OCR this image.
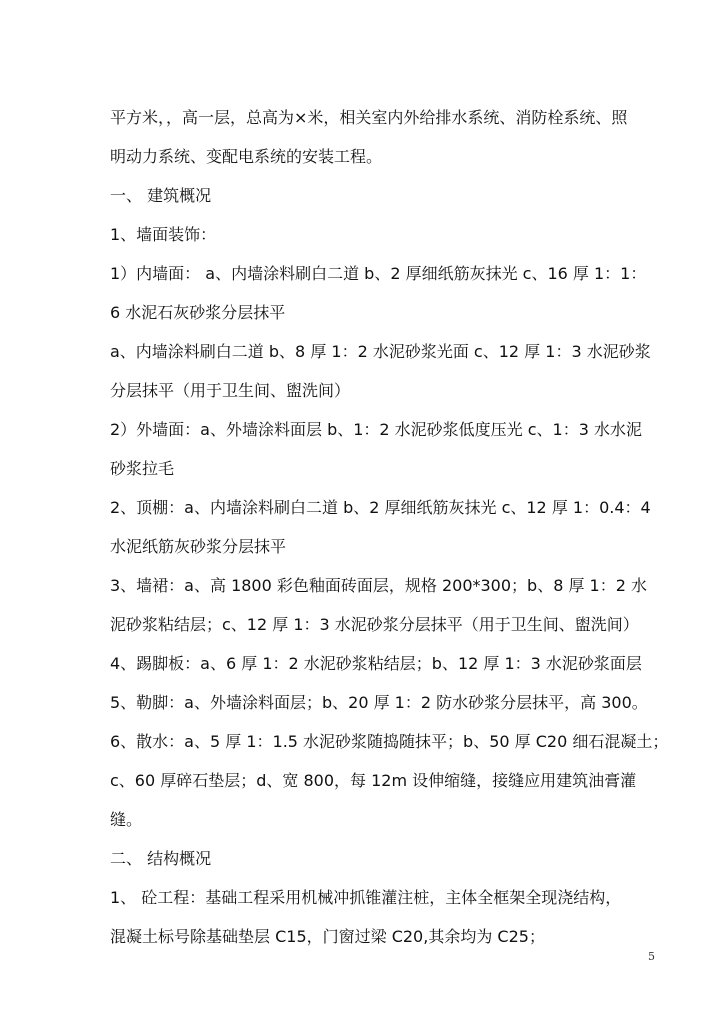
平方米，，高一层，总高为×米，相关室内外给排水系统、消防栓系统、照
明动力系统、变配电系统的安装工程。
一、 建筑概况
1、墙面装饰：
1）内墙面： a、内墙涂料刷白二道 b、2 厚细纸筋灰抹光 c、16 厚 1：1：
6 水泥石灰砂浆分层抹平
a、内墙涂料刷白二道 b、8 厚 1：2 水泥砂浆光面 c、12 厚 1：3 水泥砂浆
分层抹平（用于卫生间、盥洗间）
2）外墙面：a、外墙涂料面层 b、1：2 水泥砂浆低度压光 c、1：3 水水泥
砂浆拉毛
2、顶棚：a、内墙涂料刷白二道 b、2 厚细纸筋灰抹光 c、12 厚 1：0.4：4
水泥纸筋灰砂浆分层抹平
3、墙裙：a、高 1800 彩色釉面砖面层，规格 200*300；b、8 厚 1：2 水
泥砂浆粘结层；c、12 厚 1：3 水泥砂浆分层抹平（用于卫生间、盥洗间）
4、踢脚板：a、6 厚 1：2 水泥砂浆粘结层；b、12 厚 1：3 水泥砂浆面层
5、勒脚：a、外墙涂料面层；b、20 厚 1：2 防水砂浆分层抹平，高 300。
6、散水：a、5 厚 1：1.5 水泥砂浆随捣随抹平；b、50 厚 C20 细石混凝土；
c、60 厚碎石垫层；d、宽 800，每 12m 设伸缩缝，接缝应用建筑油膏灌
缝。
二、 结构概况
1、 砼工程：基础工程采用机械冲抓锥灌注桩，主体全框架全现浇结构，
混凝土标号除基础垫层 C15，门窗过梁 C20,其余均为 C25；
5
